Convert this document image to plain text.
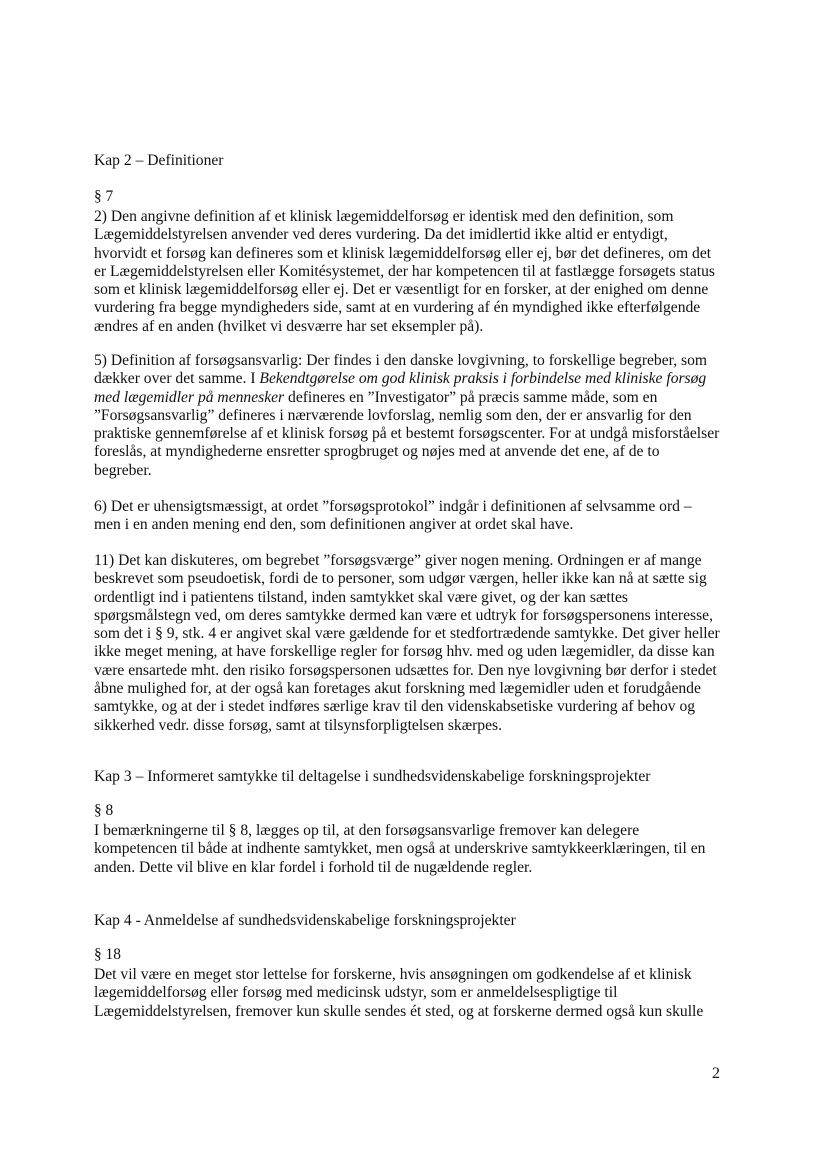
Kap 2 – Definitioner
§ 7
2) Den angivne definition af et klinisk lægemiddelforsøg er identisk med den definition, som
Lægemiddelstyrelsen anvender ved deres vurdering. Da det imidlertid ikke altid er entydigt,
hvorvidt et forsøg kan defineres som et klinisk lægemiddelforsøg eller ej, bør det defineres, om det
er Lægemiddelstyrelsen eller Komitésystemet, der har kompetencen til at fastlægge forsøgets status
som et klinisk lægemiddelforsøg eller ej. Det er væsentligt for en forsker, at der enighed om denne
vurdering fra begge myndigheders side, samt at en vurdering af én myndighed ikke efterfølgende
ændres af en anden (hvilket vi desværre har set eksempler på).
5) Definition af forsøgsansvarlig: Der findes i den danske lovgivning, to forskellige begreber, som
dækker over det samme. I Bekendtgørelse om god klinisk praksis i forbindelse med kliniske forsøg
med lægemidler på mennesker defineres en ”Investigator” på præcis samme måde, som en
”Forsøgsansvarlig” defineres i nærværende lovforslag, nemlig som den, der er ansvarlig for den
praktiske gennemførelse af et klinisk forsøg på et bestemt forsøgscenter. For at undgå misforståelser
foreslås, at myndighederne ensretter sprogbruget og nøjes med at anvende det ene, af de to
begreber.
6) Det er uhensigtsmæssigt, at ordet ”forsøgsprotokol” indgår i definitionen af selvsamme ord –
men i en anden mening end den, som definitionen angiver at ordet skal have.
11) Det kan diskuteres, om begrebet ”forsøgsværge” giver nogen mening. Ordningen er af mange
beskrevet som pseudoetisk, fordi de to personer, som udgør værgen, heller ikke kan nå at sætte sig
ordentligt ind i patientens tilstand, inden samtykket skal være givet, og der kan sættes
spørgsmålstegn ved, om deres samtykke dermed kan være et udtryk for forsøgspersonens interesse,
som det i § 9, stk. 4 er angivet skal være gældende for et stedfortrædende samtykke. Det giver heller
ikke meget mening, at have forskellige regler for forsøg hhv. med og uden lægemidler, da disse kan
være ensartede mht. den risiko forsøgspersonen udsættes for. Den nye lovgivning bør derfor i stedet
åbne mulighed for, at der også kan foretages akut forskning med lægemidler uden et forudgående
samtykke, og at der i stedet indføres særlige krav til den videnskabsetiske vurdering af behov og
sikkerhed vedr. disse forsøg, samt at tilsynsforpligtelsen skærpes.
Kap 3 – Informeret samtykke til deltagelse i sundhedsvidenskabelige forskningsprojekter
§ 8
I bemærkningerne til § 8, lægges op til, at den forsøgsansvarlige fremover kan delegere
kompetencen til både at indhente samtykket, men også at underskrive samtykkeerklæringen, til en
anden. Dette vil blive en klar fordel i forhold til de nugældende regler.
Kap 4 - Anmeldelse af sundhedsvidenskabelige forskningsprojekter
§ 18
Det vil være en meget stor lettelse for forskerne, hvis ansøgningen om godkendelse af et klinisk
lægemiddelforsøg eller forsøg med medicinsk udstyr, som er anmeldelsespligtige til
Lægemiddelstyrelsen, fremover kun skulle sendes ét sted, og at forskerne dermed også kun skulle
2
